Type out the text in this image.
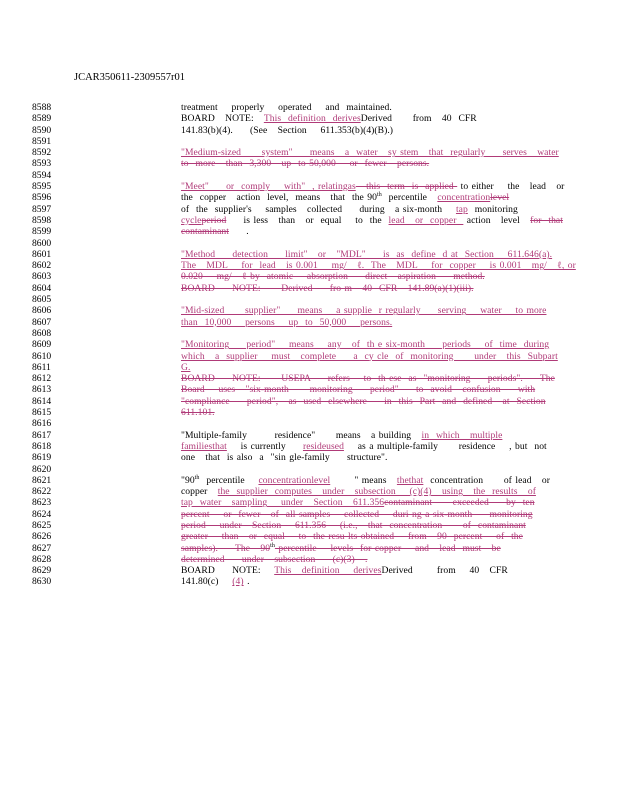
JCAR350611-2309557r01
8588	treatment    properly    operated    and  maintained.
8589	BOARD   NOTE:   This  definition  derivesDerived      from   40  CFR
8590	141.83(b)(4).     (See   Section    611.353(b)(4)(B).)
8591
8592	"Medium-sized      system"     means   a  water   sy stem   that  regularly     serves   water
8593	to  more   than  3,300   up  to 50,000    or  fewer   persons.
8594
8595	"Meet"     or  comply    with"  , relatingas   this  term  is  applied  to either    the   lead   or
8596	the  copper   action  level,  means   that  the 90th  percentile   concentrationlevel
8597	of  the  supplier's    samples   collected     during   a six-month    tap  monitoring
8598	cycleperiod     is less   than   or  equal    to  the  lead   or  copper   action   level   for  that
8599	contaminant     .
8600
8601	"Method     detection     limit"   or   "MDL"     is  as  define  d at  Section    611.646(a).
8602	The   MDL    for  lead   is 0.001    mg/   ℓ.  The   MDL    for  copper    is 0.001   mg/   ℓ, or
8603	0.020    mg/   ℓ by  atomic    absorption     direct   aspiration     method.
8604	BOARD     NOTE:      Derived     fro m   40  CFR   141.89(a)(1)(iii).
8605
8606	"Mid-sized      supplier"     means    a supplie  r regularly     serving    water    to more
8607	than  10,000    persons    up  to  50,000    persons.
8608
8609	"Monitoring     period"    means    any   of  th e six-month     periods    of  time  during
8610	which   a  supplier    must   complete     a  cy cle  of  monitoring      under   this  Subpart
8611	G.
8612	BOARD     NOTE:      USEPA     refers    to  th ese  as  "monitoring     periods".     The
8613	Board    uses   "six-month      monitoring     period"     to  avoid   confusion     with
8614	"compliance     period",   as  used  elsewhere     in  this  Part  and  defined   at  Section
8615	611.101.
8616
8617	"Multiple-family        residence"      means   a building   in  which   multiple
8618	familiesthat    is currently     resideused    as a multiple-family      residence    , but  not
8619	one   that  is also  a  "sin gle-family     structure".
8620
8621	"90th  percentile    concentrationlevel       " means   thethat  concentration      of lead   or
8622	copper   the  supplier  computes   under   subsection    (c)(4)   using   the  results   of
8623	tap  water   sampling    under   Section   611.356contaminant      exceeded     by  ten
8624	percent    or  fewer   of  all samples    collected    duri ng a six-month     monitoring
8625	period    under   Section    611.356    (i.e.,   that  concentration      of  contaminant
8626	greater    than   or  equal    to  the resu lts obtained    from   90  percent    of  the
8627	samples).     The   90th percentile    levels  for copper    and   lead  must   be
8628	determined     under   subsection     (c)(3)   .
8629	BOARD     NOTE:    This   definition    derivesDerived       from    40   CFR
8630	141.80(c)    (4) .
